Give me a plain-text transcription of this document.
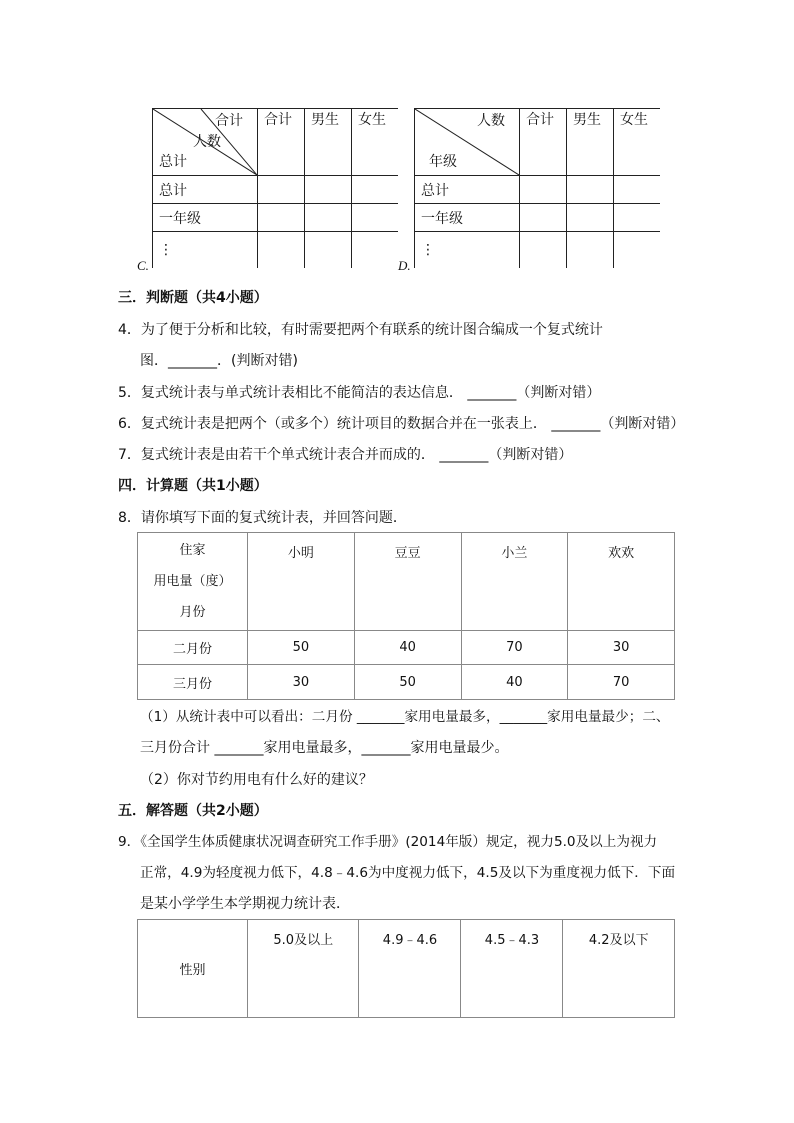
C.
合计
人数
总计	合计	男生	女生
总计			
一年级			
⋮			
D.
人数
年级	合计	男生	女生
总计			
一年级			
⋮			
三．判断题（共4小题）
4．为了便于分析和比较，有时需要把两个有联系的统计图合编成一个复式统计
图．_______．(判断对错)
5．复式统计表与单式统计表相比不能简洁的表达信息． _______（判断对错）
6．复式统计表是把两个（或多个）统计项目的数据合并在一张表上． _______（判断对错）
7．复式统计表是由若干个单式统计表合并而成的． _______（判断对错）
四．计算题（共1小题）
8．请你填写下面的复式统计表，并回答问题．
住家
用电量（度）
月份	小明	豆豆	小兰	欢欢
二月份	50	40	70	30
三月份	30	50	40	70
（1）从统计表中可以看出：二月份 _______家用电量最多，_______家用电量最少；二、
三月份合计 _______家用电量最多，_______家用电量最少。
（2）你对节约用电有什么好的建议？
五．解答题（共2小题）
9．《全国学生体质健康状况调查研究工作手册》(2014年版）规定，视力5.0及以上为视力
正常，4.9为轻度视力低下，4.8﹣4.6为中度视力低下，4.5及以下为重度视力低下．下面
是某小学学生本学期视力统计表．
性别	5.0及以上	4.9﹣4.6	4.5﹣4.3	4.2及以下
